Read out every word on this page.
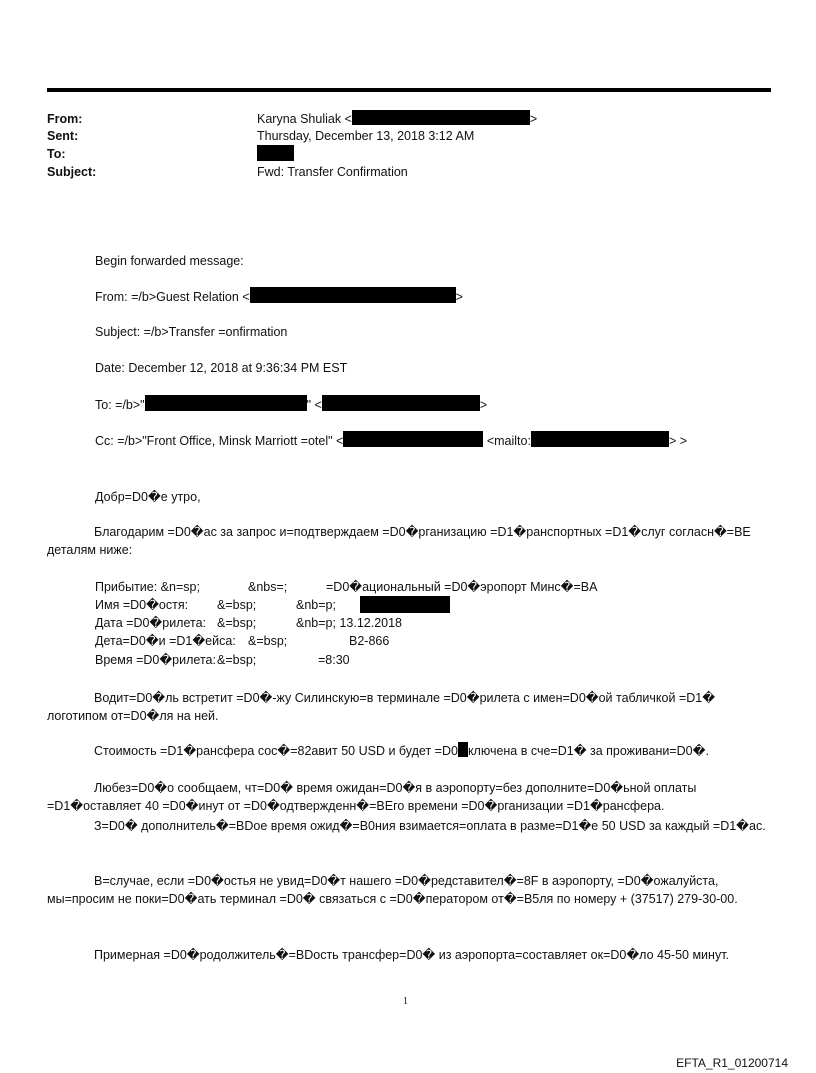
From:	Karyna Shuliak <	>
Sent:	Thursday, December 13, 2018 3:12 AM
To:
Subject:	Fwd: Transfer Confirmation
Begin forwarded message:
From: =/b>Guest Relation <	>
Subject: =/b>Transfer =onfirmation
Date: December 12, 2018 at 9:36:34 PM EST
To: =/b>"	" <	>
Cc: =/b>"Front Office, Minsk Marriott =otel" <	<mailto:	> >
Добр=D0�е утро,
Благодарим =D0�ас за запрос и=подтверждаем =D0�рганизацию =D1�ранспортных =D1�слуг согласн�=BE деталям ниже:
Прибытие: &n=sp;	&nbs=;	=D0�ациональный =D0�эропорт Минс�=BA
Имя =D0�остя: &=bsp;	&nb=p;
Дата =D0�рилета: &=bsp;	&nb=p; 13.12.2018
Дета=D0�и =D1�ейса: &=bsp;	B2-866
Время =D0�рилета: &=bsp;	=8:30
Водит=D0�ль встретит =D0�-жу Силинскую=в терминале =D0�рилета с имен=D0�ой табличкой =D1� логотипом от=D0�ля на ней.
Стоимость =D1�рансфера сос�=82авит 50 USD и будет =D0 ключена в сче=D1� за проживани=D0�.
Любез=D0�о сообщаем, чт=D0� время ожидан=D0�я в аэропорту=без дополните=D0�ьной оплаты =D1�оставляет 40 =D0�инут от =D0�одтвержденн�=BEго времени =D0�рганизации =D1�рансфера.
З=D0� дополнитель�=BDое время ожид�=B0ния взимается=оплата в разме=D1�е 50 USD за каждый =D1�ас.
В=случае, если =D0�остья не увид=D0�т нашего =D0�редставител�=8F в аэропорту, =D0�ожалуйста, мы=просим не поки=D0�ать терминал =D0� связаться с =D0�ператором от�=B5ля по номеру + (37517) 279-30-00.
Примерная =D0�родолжитель�=BDость трансфер=D0� из аэропорта=составляет ок=D0�ло 45-50 минут.
1
EFTA_R1_01200714
